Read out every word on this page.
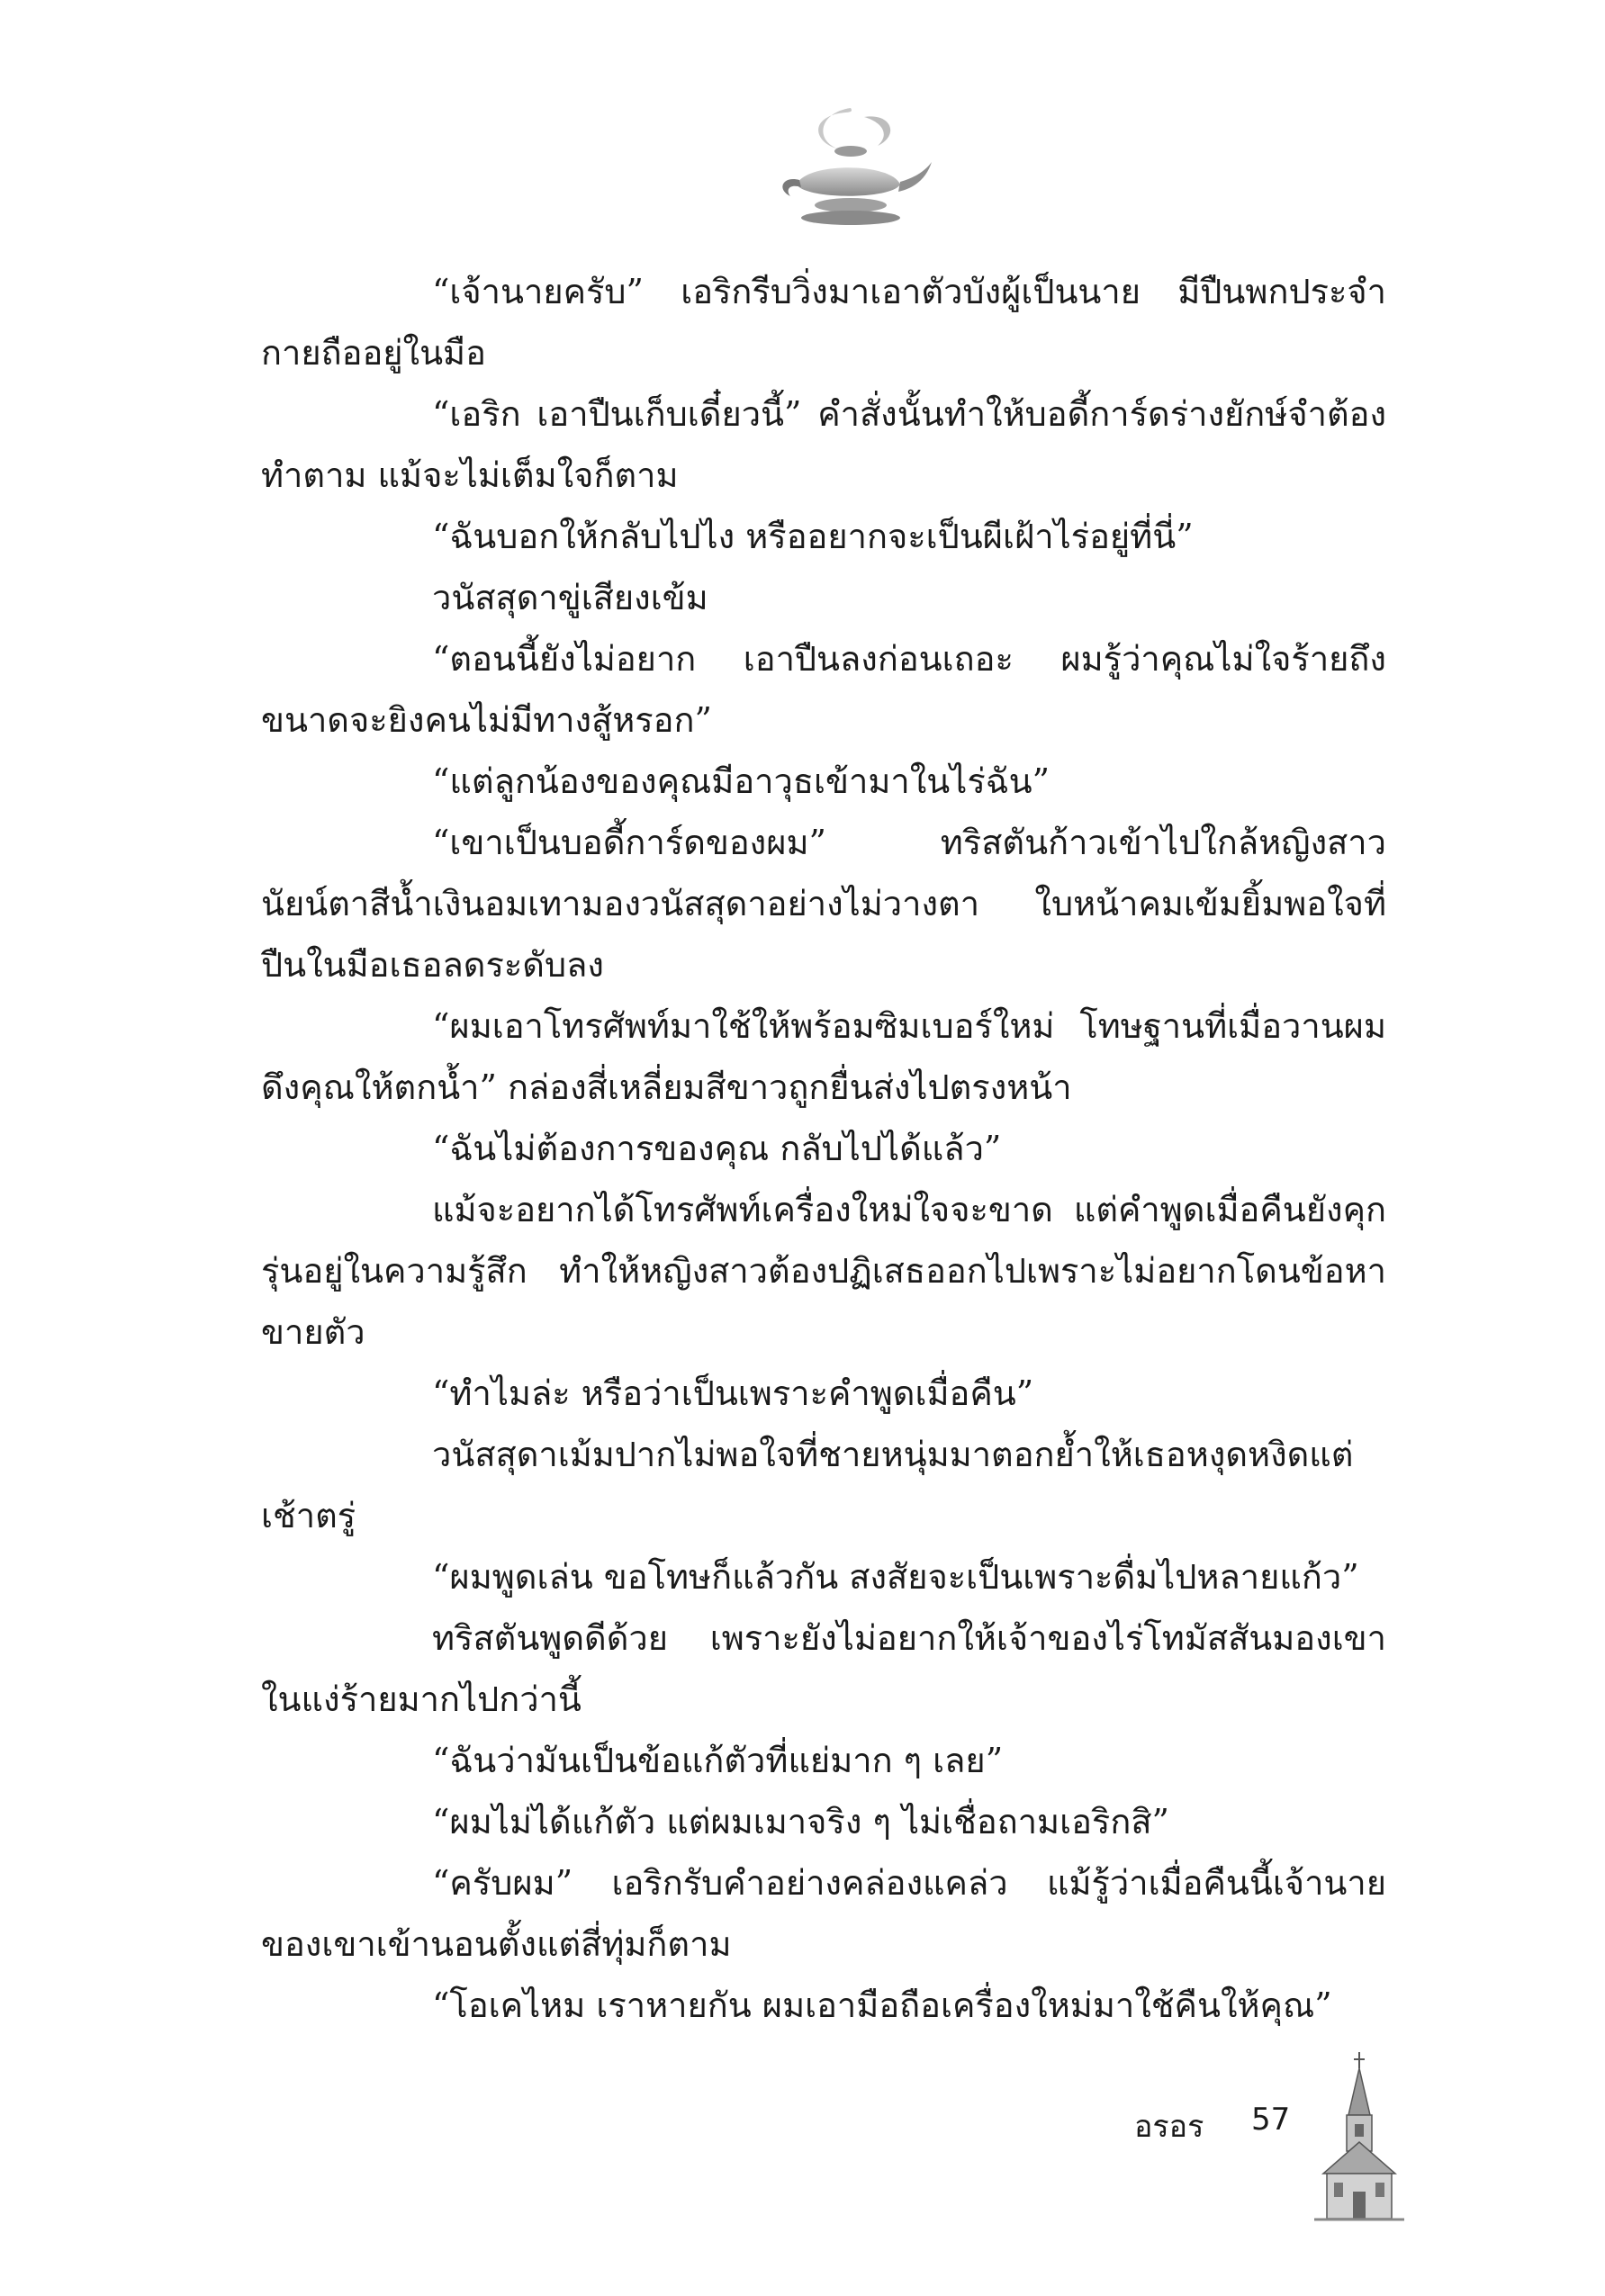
“เจ้านายครับ” เอริกรีบวิ่งมาเอาตัวบังผู้เป็นนาย มีปืนพกประจำกายถืออยู่ในมือ

“เอริก เอาปืนเก็บเดี๋ยวนี้” คำสั่งนั้นทำให้บอดี้การ์ดร่างยักษ์จำต้องทำตาม แม้จะไม่เต็มใจก็ตาม

“ฉันบอกให้กลับไปไง หรืออยากจะเป็นผีเฝ้าไร่อยู่ที่นี่”

วนัสสุดาขู่เสียงเข้ม

“ตอนนี้ยังไม่อยาก เอาปืนลงก่อนเถอะ ผมรู้ว่าคุณไม่ใจร้ายถึงขนาดจะยิงคนไม่มีทางสู้หรอก”

“แต่ลูกน้องของคุณมีอาวุธเข้ามาในไร่ฉัน”

“เขาเป็นบอดี้การ์ดของผม” ทริสตันก้าวเข้าไปใกล้หญิงสาว นัยน์ตาสีน้ำเงินอมเทามองวนัสสุดาอย่างไม่วางตา ใบหน้าคมเข้มยิ้มพอใจที่ปืนในมือเธอลดระดับลง

“ผมเอาโทรศัพท์มาใช้ให้พร้อมซิมเบอร์ใหม่ โทษฐานที่เมื่อวานผมดึงคุณให้ตกน้ำ” กล่องสี่เหลี่ยมสีขาวถูกยื่นส่งไปตรงหน้า

“ฉันไม่ต้องการของคุณ กลับไปได้แล้ว”

แม้จะอยากได้โทรศัพท์เครื่องใหม่ใจจะขาด แต่คำพูดเมื่อคืนยังคุกรุ่นอยู่ในความรู้สึก ทำให้หญิงสาวต้องปฏิเสธออกไปเพราะไม่อยากโดนข้อหาขายตัว

“ทำไมล่ะ หรือว่าเป็นเพราะคำพูดเมื่อคืน”

วนัสสุดาเม้มปากไม่พอใจที่ชายหนุ่มมาตอกย้ำให้เธอหงุดหงิดแต่เช้าตรู่

“ผมพูดเล่น ขอโทษก็แล้วกัน สงสัยจะเป็นเพราะดื่มไปหลายแก้ว”

ทริสตันพูดดีด้วย เพราะยังไม่อยากให้เจ้าของไร่โทมัสสันมองเขาในแง่ร้ายมากไปกว่านี้

“ฉันว่ามันเป็นข้อแก้ตัวที่แย่มาก ๆ เลย”

“ผมไม่ได้แก้ตัว แต่ผมเมาจริง ๆ ไม่เชื่อถามเอริกสิ”

“ครับผม” เอริกรับคำอย่างคล่องแคล่ว แม้รู้ว่าเมื่อคืนนี้เจ้านายของเขาเข้านอนตั้งแต่สี่ทุ่มก็ตาม

“โอเคไหม เราหายกัน ผมเอามือถือเครื่องใหม่มาใช้คืนให้คุณ”

อรอร 57
